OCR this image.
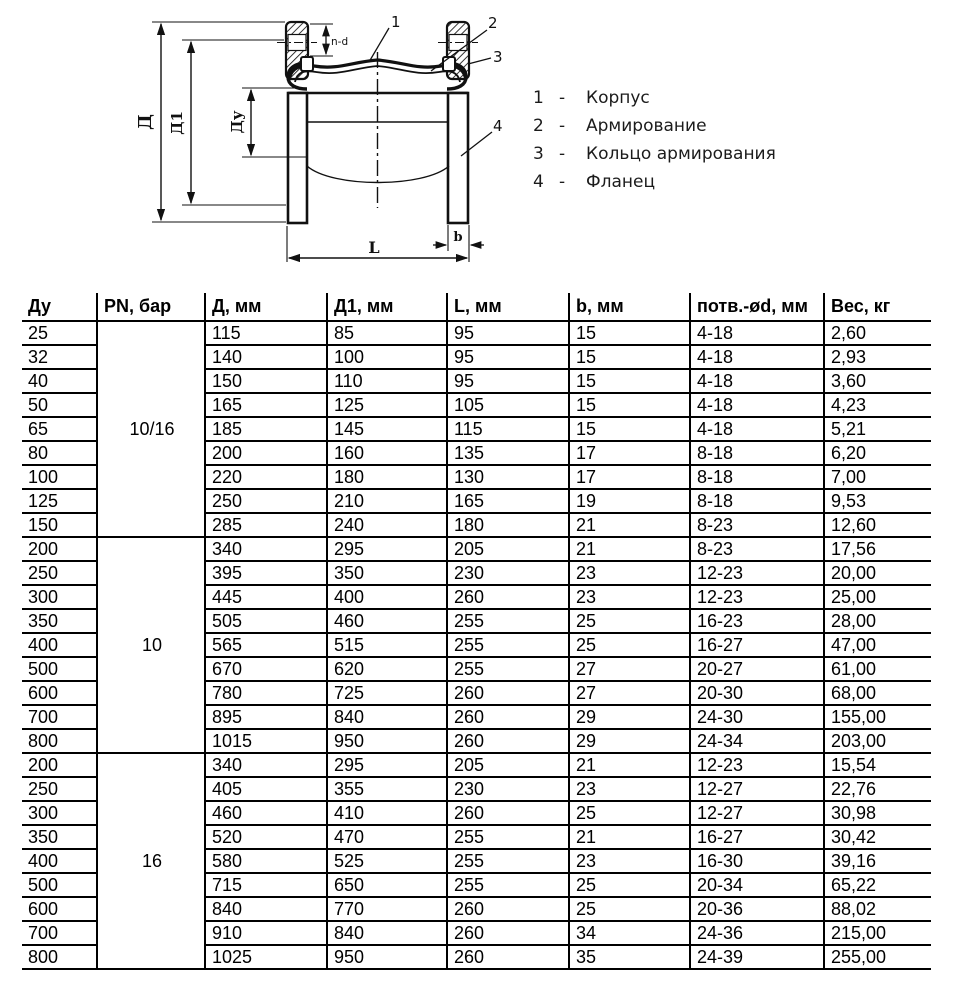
Д Д1	Ду
n-d
b
L
1	2
3
4
1 -	Корпус
2 -	Армирование
3 -	Кольцо армирования
4 -	Фланец
Ду	PN, бар	Д, мм	Д1, мм	L, мм	b, мм	потв.-ød, мм	Вес, кг
25	10/16	115	85	95	15	4-18	2,60
32		140	100	95	15	4-18	2,93
40		150	110	95	15	4-18	3,60
50		165	125	105	15	4-18	4,23
65		185	145	115	15	4-18	5,21
80		200	160	135	17	8-18	6,20
100		220	180	130	17	8-18	7,00
125		250	210	165	19	8-18	9,53
150		285	240	180	21	8-23	12,60
200	10	340	295	205	21	8-23	17,56
250		395	350	230	23	12-23	20,00
300		445	400	260	23	12-23	25,00
350		505	460	255	25	16-23	28,00
400		565	515	255	25	16-27	47,00
500		670	620	255	27	20-27	61,00
600		780	725	260	27	20-30	68,00
700		895	840	260	29	24-30	155,00
800		1015	950	260	29	24-34	203,00
200	16	340	295	205	21	12-23	15,54
250		405	355	230	23	12-27	22,76
300		460	410	260	25	12-27	30,98
350		520	470	255	21	16-27	30,42
400		580	525	255	23	16-30	39,16
500		715	650	255	25	20-34	65,22
600		840	770	260	25	20-36	88,02
700		910	840	260	34	24-36	215,00
800		1025	950	260	35	24-39	255,00
